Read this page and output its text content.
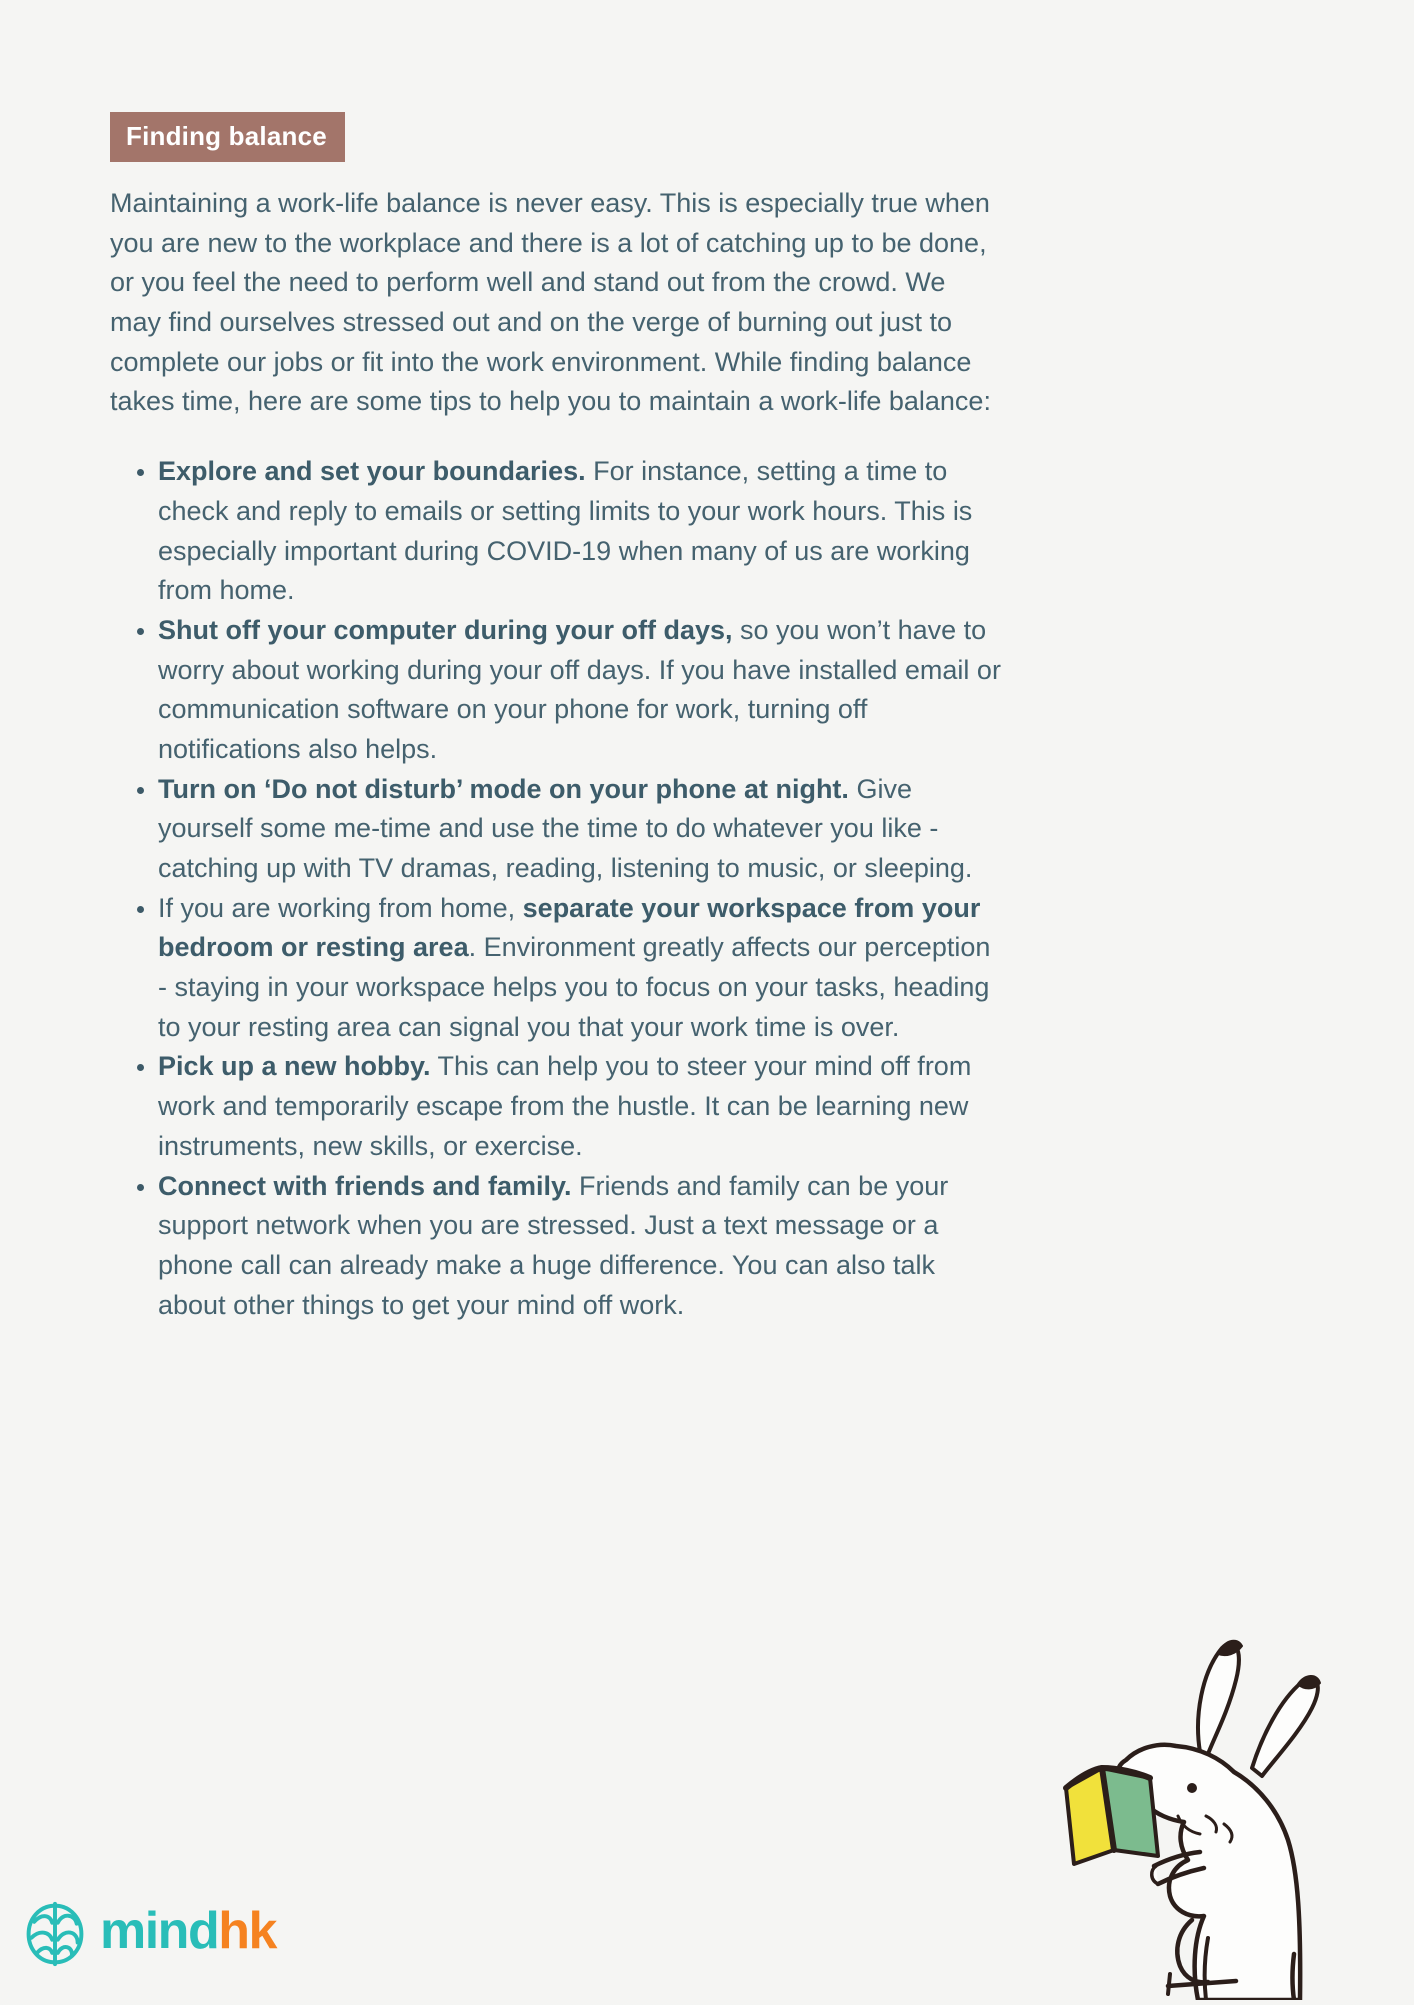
Finding balance

Maintaining a work-life balance is never easy. This is especially true when you are new to the workplace and there is a lot of catching up to be done, or you feel the need to perform well and stand out from the crowd. We may find ourselves stressed out and on the verge of burning out just to complete our jobs or fit into the work environment. While finding balance takes time, here are some tips to help you to maintain a work-life balance:

• Explore and set your boundaries. For instance, setting a time to check and reply to emails or setting limits to your work hours. This is especially important during COVID-19 when many of us are working from home.
• Shut off your computer during your off days, so you won’t have to worry about working during your off days. If you have installed email or communication software on your phone for work, turning off notifications also helps.
• Turn on ‘Do not disturb’ mode on your phone at night. Give yourself some me-time and use the time to do whatever you like - catching up with TV dramas, reading, listening to music, or sleeping.
• If you are working from home, separate your workspace from your bedroom or resting area. Environment greatly affects our perception - staying in your workspace helps you to focus on your tasks, heading to your resting area can signal you that your work time is over.
• Pick up a new hobby. This can help you to steer your mind off from work and temporarily escape from the hustle. It can be learning new instruments, new skills, or exercise.
• Connect with friends and family. Friends and family can be your support network when you are stressed. Just a text message or a phone call can already make a huge difference. You can also talk about other things to get your mind off work.
mindhk
